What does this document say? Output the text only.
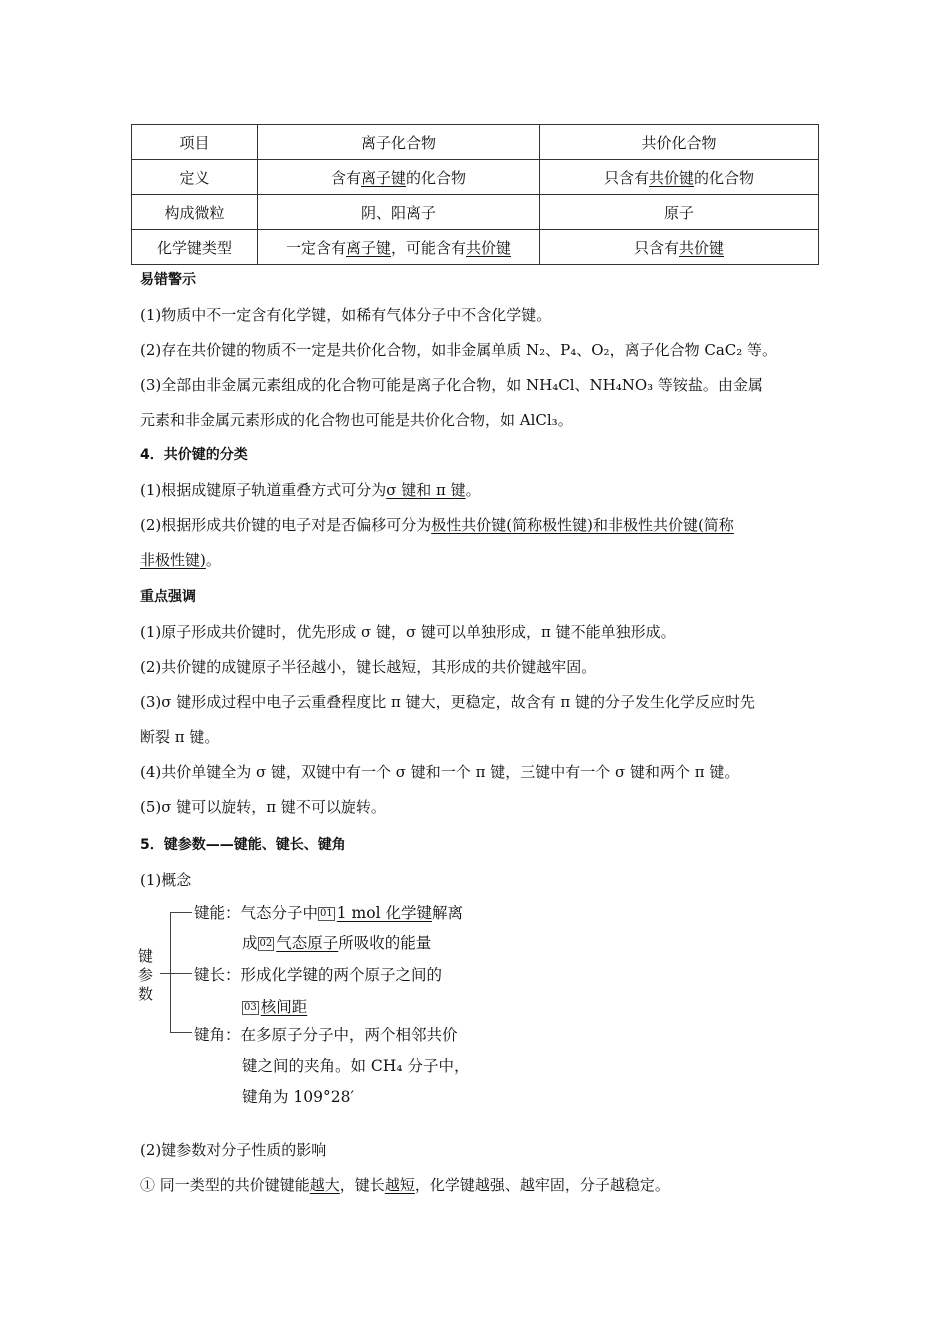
项目	离子化合物	共价化合物
定义	含有离子键的化合物	只含有共价键的化合物
构成微粒	阴、阳离子	原子
化学键类型	一定含有离子键，可能含有共价键	只含有共价键
易错警示
(1)物质中不一定含有化学键，如稀有气体分子中不含化学键。
(2)存在共价键的物质不一定是共价化合物，如非金属单质 N₂、P₄、O₂，离子化合物 CaC₂ 等。
(3)全部由非金属元素组成的化合物可能是离子化合物，如 NH₄Cl、NH₄NO₃ 等铵盐。由金属
元素和非金属元素形成的化合物也可能是共价化合物，如 AlCl₃。
4．共价键的分类
(1)根据成键原子轨道重叠方式可分为σ 键和 π 键。
(2)根据形成共价键的电子对是否偏移可分为极性共价键(简称极性键)和非极性共价键(简称
非极性键)。
重点强调
(1)原子形成共价键时，优先形成 σ 键，σ 键可以单独形成，π 键不能单独形成。
(2)共价键的成键原子半径越小，键长越短，其形成的共价键越牢固。
(3)σ 键形成过程中电子云重叠程度比 π 键大，更稳定，故含有 π 键的分子发生化学反应时先
断裂 π 键。
(4)共价单键全为 σ 键，双键中有一个 σ 键和一个 π 键，三键中有一个 σ 键和两个 π 键。
(5)σ 键可以旋转，π 键不可以旋转。
5．键参数——键能、键长、键角
(1)概念
键
参
数
键能：气态分子中 01 1 mol 化学键解离
成 02 气态原子所吸收的能量
键长：形成化学键的两个原子之间的
03 核间距
键角：在多原子分子中，两个相邻共价
键之间的夹角。如 CH₄ 分子中，
键角为 109°28′
(2)键参数对分子性质的影响
① 同一类型的共价键键能越大，键长越短，化学键越强、越牢固，分子越稳定。
